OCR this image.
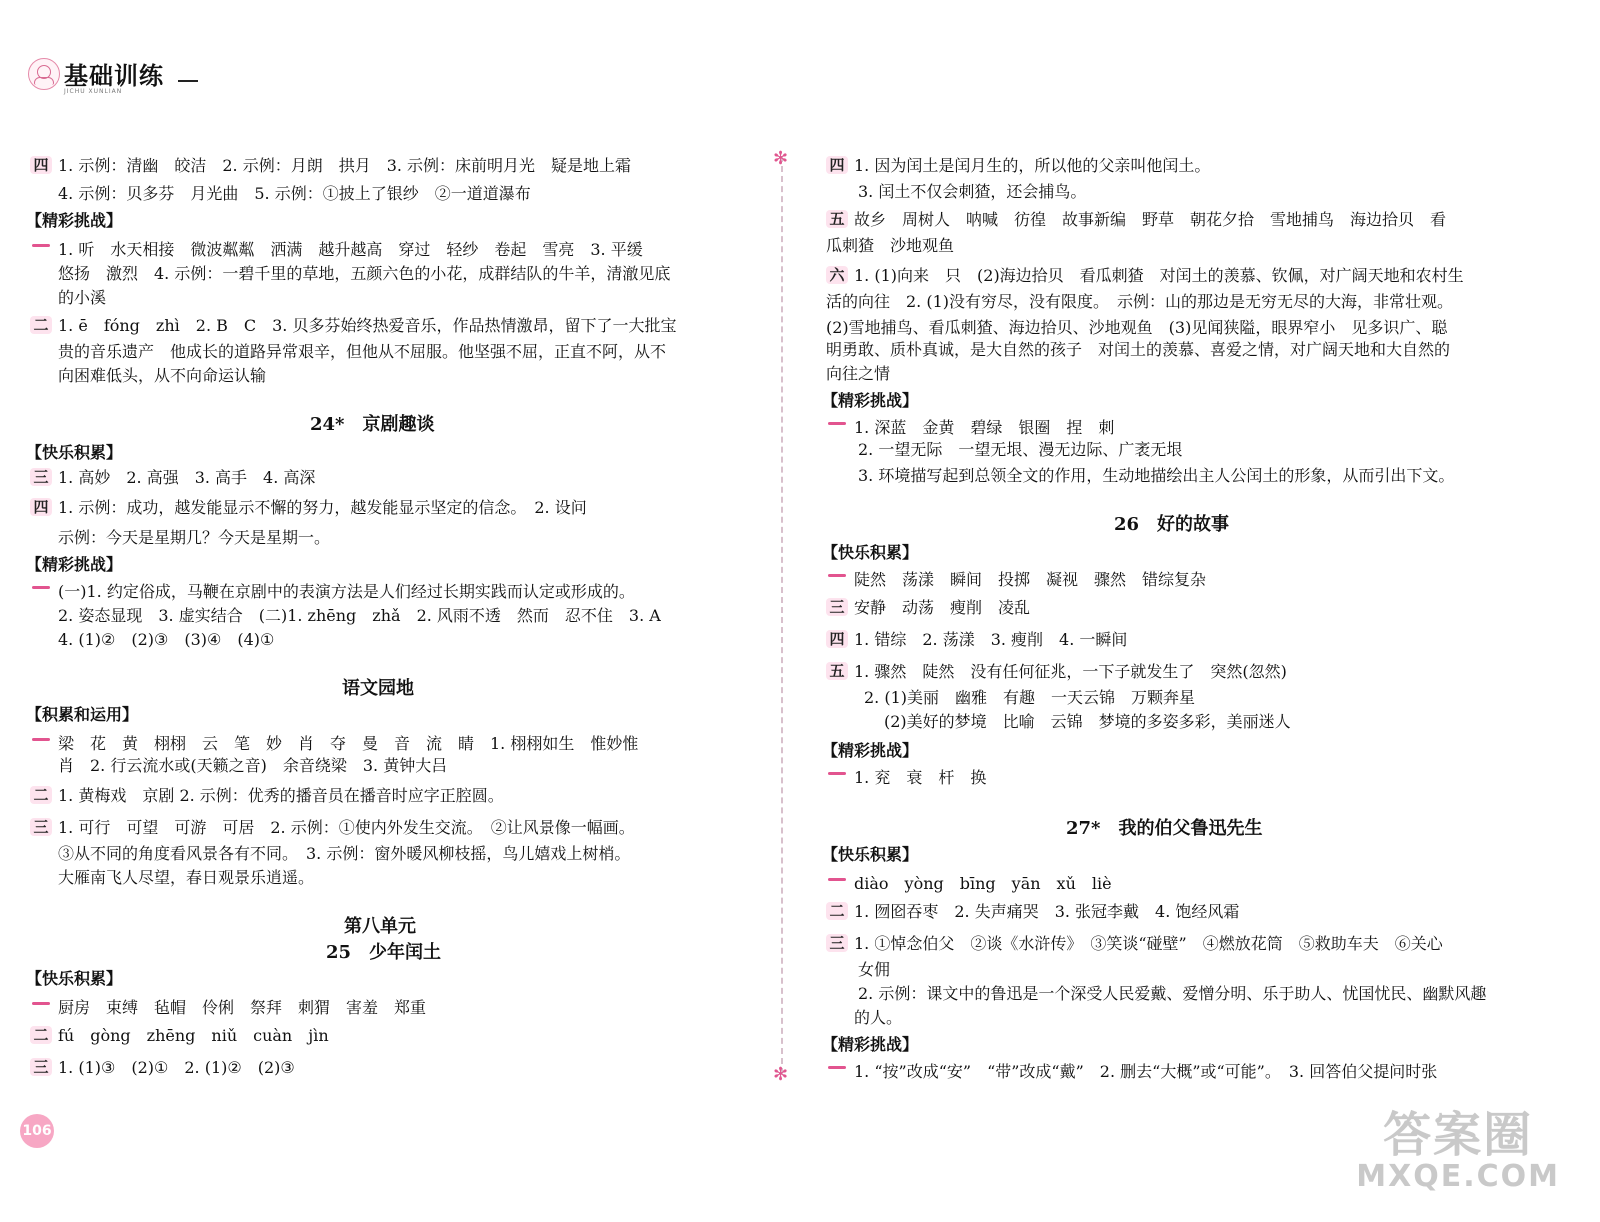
基础训练
JICHU XUNLIAN
四 1. 示例：清幽　皎洁　2. 示例：月朗　拱月　3. 示例：床前明月光　疑是地上霜
4. 示例：贝多芬　月光曲　5. 示例：①披上了银纱　②一道道瀑布
【精彩挑战】
1. 听　水天相接　微波粼粼　洒满　越升越高　穿过　轻纱　卷起　雪亮　3. 平缓
悠扬　激烈　4. 示例：一碧千里的草地，五颜六色的小花，成群结队的牛羊，清澈见底
的小溪
二 1. ē　fóng　zhì　2. B　C　3. 贝多芬始终热爱音乐，作品热情激昂，留下了一大批宝
贵的音乐遗产　他成长的道路异常艰辛，但他从不屈服。他坚强不屈，正直不阿，从不
向困难低头，从不向命运认输
24*　京剧趣谈
【快乐积累】
三 1. 高妙　2. 高强　3. 高手　4. 高深
四 1. 示例：成功，越发能显示不懈的努力，越发能显示坚定的信念。　2. 设问
示例：今天是星期几？今天是星期一。
【精彩挑战】
(一)1. 约定俗成，马鞭在京剧中的表演方法是人们经过长期实践而认定或形成的。
2. 姿态显现　3. 虚实结合　(二)1. zhēng　zhǎ　2. 风雨不透　然而　忍不住　3. A
4. (1)②　(2)③　(3)④　(4)①
语文园地
【积累和运用】
梁　花　黄　栩栩　云　笔　妙　肖　夺　曼　音　流　睛　1. 栩栩如生　惟妙惟
肖　2. 行云流水或(天籁之音)　余音绕梁　3. 黄钟大吕
二 1. 黄梅戏　京剧 2. 示例：优秀的播音员在播音时应字正腔圆。
三 1. 可行　可望　可游　可居　2. 示例：①使内外发生交流。　②让风景像一幅画。
③从不同的角度看风景各有不同。　3. 示例：窗外暖风柳枝摇，鸟儿嬉戏上树梢。
大雁南飞人尽望，春日观景乐逍遥。
第八单元
25　少年闰土
【快乐积累】
厨房　束缚　毡帽　伶俐　祭拜　刺猬　害羞　郑重
二 fú　gòng　zhēng　niǔ　cuàn　jìn
三 1. (1)③　(2)①　2. (1)②　(2)③
四 1. 因为闰土是闰月生的，所以他的父亲叫他闰土。
3. 闰土不仅会刺猹，还会捕鸟。
五 故乡　周树人　呐喊　彷徨　故事新编　野草　朝花夕拾　雪地捕鸟　海边拾贝　看
瓜刺猹　沙地观鱼
六 1. (1)向来　只　(2)海边拾贝　看瓜刺猹　对闰土的羡慕、钦佩，对广阔天地和农村生
活的向往　2. (1)没有穷尽，没有限度。　示例：山的那边是无穷无尽的大海，非常壮观。
(2)雪地捕鸟、看瓜刺猹、海边拾贝、沙地观鱼　(3)见闻狭隘，眼界窄小　见多识广、聪
明勇敢、质朴真诚，是大自然的孩子　对闰土的羡慕、喜爱之情，对广阔天地和大自然的
向往之情
【精彩挑战】
1. 深蓝　金黄　碧绿　银圈　捏　刺
2. 一望无际　一望无垠、漫无边际、广袤无垠
3. 环境描写起到总领全文的作用，生动地描绘出主人公闰土的形象，从而引出下文。
26　好的故事
【快乐积累】
陡然　荡漾　瞬间　投掷　凝视　骤然　错综复杂
三 安静　动荡　瘦削　凌乱
四 1. 错综　2. 荡漾　3. 瘦削　4. 一瞬间
五 1. 骤然　陡然　没有任何征兆，一下子就发生了　突然(忽然)
2. (1)美丽　幽雅　有趣　一天云锦　万颗奔星
(2)美好的梦境　比喻　云锦　梦境的多姿多彩，美丽迷人
【精彩挑战】
1. 兖　衰　杆　换
27*　我的伯父鲁迅先生
【快乐积累】
diào　yòng　bīng　yān　xǔ　liè
二 1. 囫囵吞枣　2. 失声痛哭　3. 张冠李戴　4. 饱经风霜
三 1. ①悼念伯父　②谈《水浒传》　③笑谈“碰壁”　④燃放花筒　⑤救助车夫　⑥关心
女佣
2. 示例：课文中的鲁迅是一个深受人民爱戴、爱憎分明、乐于助人、忧国忧民、幽默风趣
的人。
【精彩挑战】
1. “按”改成“安”　“带”改成“戴”　2. 删去“大概”或“可能”。　3. 回答伯父提问时张
✻
✻
106	答案圈
MXQE.COM
